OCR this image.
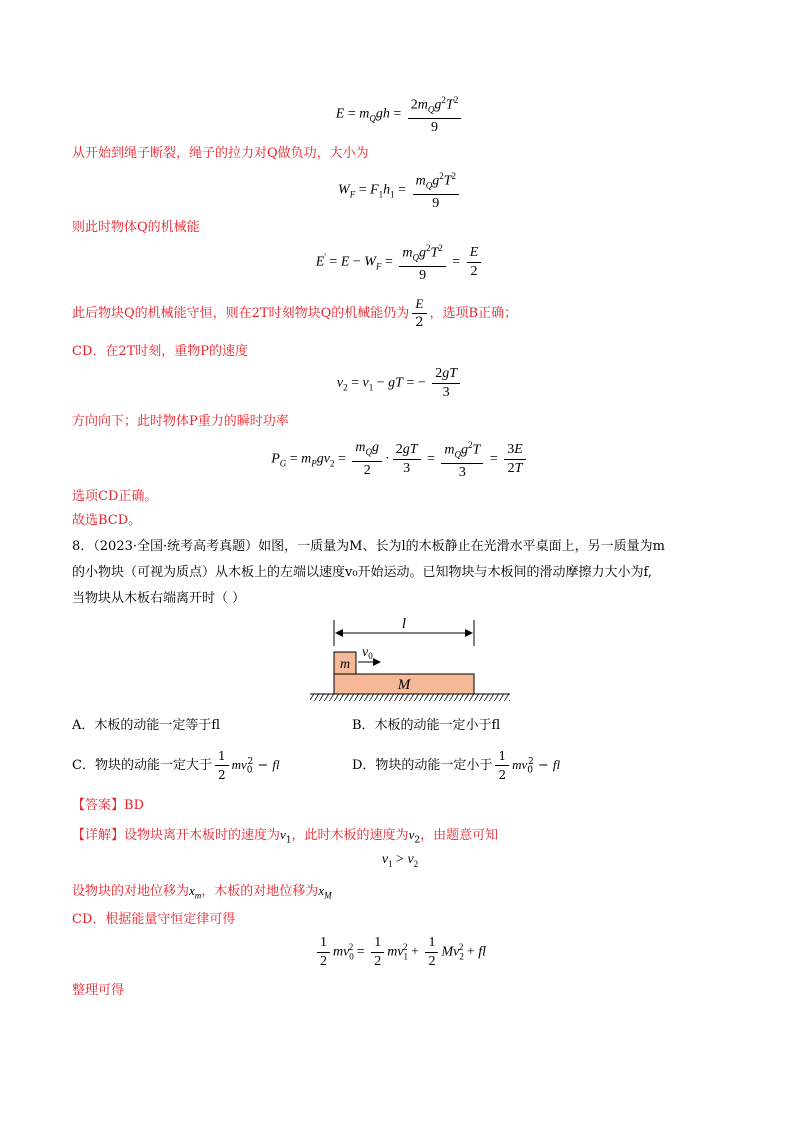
$E = m_Qgh = \frac{2m_Qg^2T^2}{9}$
从开始到绳子断裂，绳子的拉力对Q做负功，大小为
$W_F = F_1h_1 = \frac{m_Qg^2T^2}{9}$
则此时物体Q的机械能
$E' = E - W_F = \frac{m_Qg^2T^2}{9} = \frac{E}{2}$
此后物块Q的机械能守恒，则在2T时刻物块Q的机械能仍为 $\frac{E}{2}$ ，选项B正确；
CD．在2T时刻，重物P的速度
$v_2 = v_1$ − gT = − $\frac{2gT}{3}$
方向向下；此时物体P重力的瞬时功率
$P_G = m_Pgv_2 = \frac{m_Qg}{2} \cdot \frac{2gT}{3} = \frac{m_Qg^2T}{3} = \frac{3E}{2T}$
选项CD正确。
故选BCD。
8．（2023·全国·统考高考真题）如图，一质量为M、长为l的木板静止在光滑水平桌面上，另一质量为m
的小物块（可视为质点）从木板上的左端以速度v₀开始运动。已知物块与木板间的滑动摩擦力大小为f,
当物块从木板右端离开时（ ）
l
m
$v_0$
M
A．木板的动能一定等于fl	B．木板的动能一定小于fl
C．物块的动能一定大于 $\frac{1}{2} mv_0^2$ − fl	D．物块的动能一定小于 $\frac{1}{2} mv_0^2$ − fl
【答案】BD
【详解】设物块离开木板时的速度为$v_1$，此时木板的速度为$v_2$，由题意可知
$v_1 > v_2$
设物块的对地位移为$x_m$，木板的对地位移为$x_M$
CD．根据能量守恒定律可得
$\frac{1}{2} mv_0^2 = \frac{1}{2} mv_1^2 + \frac{1}{2} Mv_2^2$ + fl
整理可得
